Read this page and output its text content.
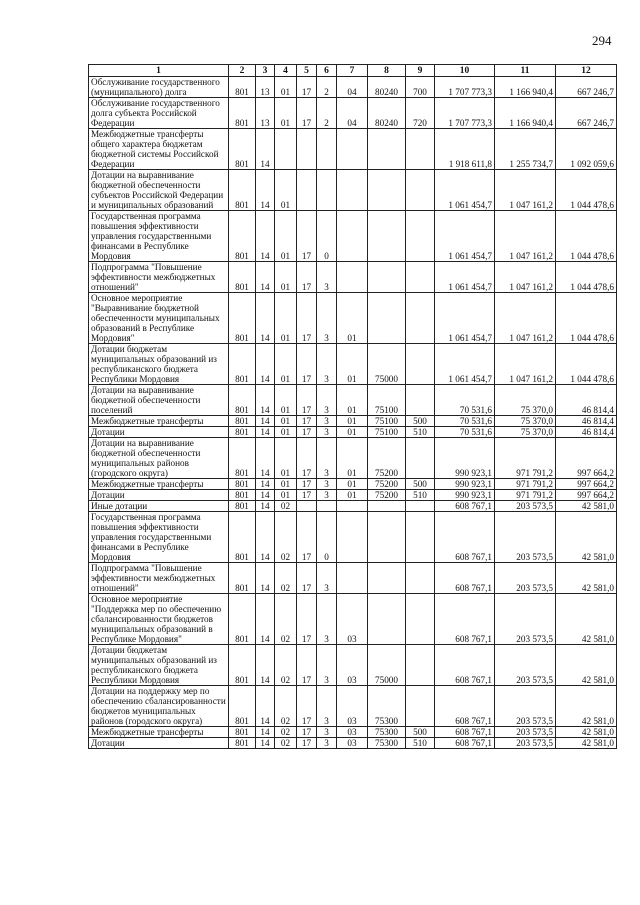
294
1	2	3	4	5	6	7	8	9	10	11	12
Обслуживание государственного (муниципального) долга	801	13	01	17	2	04	80240	700	1 707 773,3	1 166 940,4	667 246,7
Обслуживание государственного долга субъекта Российской Федерации	801	13	01	17	2	04	80240	720	1 707 773,3	1 166 940,4	667 246,7
Межбюджетные трансферты общего характера бюджетам бюджетной системы Российской Федерации	801	14							1 918 611,8	1 255 734,7	1 092 059,6
Дотации на выравнивание бюджетной обеспеченности субъектов Российской Федерации и муниципальных образований	801	14	01						1 061 454,7	1 047 161,2	1 044 478,6
Государственная программа повышения эффективности управления государственными финансами в Республике Мордовия	801	14	01	17	0				1 061 454,7	1 047 161,2	1 044 478,6
Подпрограмма "Повышение эффективности межбюджетных отношений"	801	14	01	17	3				1 061 454,7	1 047 161,2	1 044 478,6
Основное мероприятие "Выравнивание бюджетной обеспеченности муниципальных образований в Республике Мордовия"	801	14	01	17	3	01			1 061 454,7	1 047 161,2	1 044 478,6
Дотации бюджетам муниципальных образований из республиканского бюджета Республики Мордовия	801	14	01	17	3	01	75000		1 061 454,7	1 047 161,2	1 044 478,6
Дотации на выравнивание бюджетной обеспеченности поселений	801	14	01	17	3	01	75100		70 531,6	75 370,0	46 814,4
Межбюджетные трансферты	801	14	01	17	3	01	75100	500	70 531,6	75 370,0	46 814,4
Дотации	801	14	01	17	3	01	75100	510	70 531,6	75 370,0	46 814,4
Дотации на выравнивание бюджетной обеспеченности муниципальных районов (городского округа)	801	14	01	17	3	01	75200		990 923,1	971 791,2	997 664,2
Межбюджетные трансферты	801	14	01	17	3	01	75200	500	990 923,1	971 791,2	997 664,2
Дотации	801	14	01	17	3	01	75200	510	990 923,1	971 791,2	997 664,2
Иные дотации	801	14	02						608 767,1	203 573,5	42 581,0
Государственная программа повышения эффективности управления государственными финансами в Республике Мордовия	801	14	02	17	0				608 767,1	203 573,5	42 581,0
Подпрограмма "Повышение эффективности межбюджетных отношений"	801	14	02	17	3				608 767,1	203 573,5	42 581,0
Основное мероприятие "Поддержка мер по обеспечению сбалансированности бюджетов муниципальных образований в Республике Мордовия"	801	14	02	17	3	03			608 767,1	203 573,5	42 581,0
Дотации бюджетам муниципальных образований из республиканского бюджета Республики Мордовия	801	14	02	17	3	03	75000		608 767,1	203 573,5	42 581,0
Дотации на поддержку мер по обеспечению сбалансированности бюджетов муниципальных районов (городского округа)	801	14	02	17	3	03	75300		608 767,1	203 573,5	42 581,0
Межбюджетные трансферты	801	14	02	17	3	03	75300	500	608 767,1	203 573,5	42 581,0
Дотации	801	14	02	17	3	03	75300	510	608 767,1	203 573,5	42 581,0
